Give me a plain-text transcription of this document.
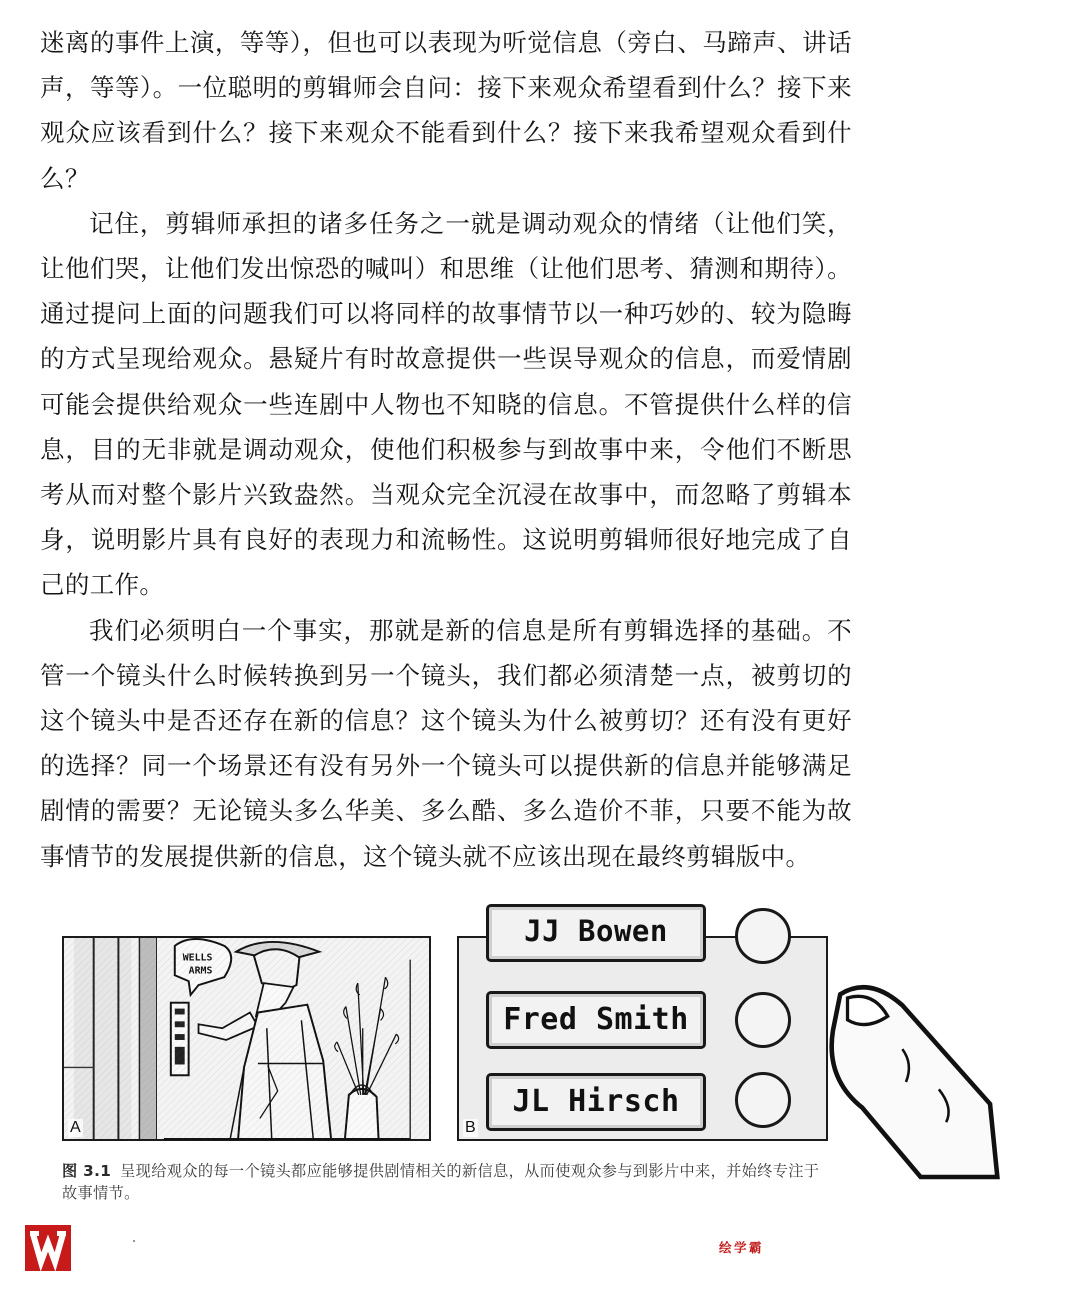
迷离的事件上演，等等），但也可以表现为听觉信息（旁白、马蹄声、讲话声，等等）。一位聪明的剪辑师会自问：接下来观众希望看到什么？接下来观众应该看到什么？接下来观众不能看到什么？接下来我希望观众看到什么？

记住，剪辑师承担的诸多任务之一就是调动观众的情绪（让他们笑，让他们哭，让他们发出惊恐的喊叫）和思维（让他们思考、猜测和期待）。通过提问上面的问题我们可以将同样的故事情节以一种巧妙的、较为隐晦的方式呈现给观众。悬疑片有时故意提供一些误导观众的信息，而爱情剧可能会提供给观众一些连剧中人物也不知晓的信息。不管提供什么样的信息，目的无非就是调动观众，使他们积极参与到故事中来，令他们不断思考从而对整个影片兴致盎然。当观众完全沉浸在故事中，而忽略了剪辑本身，说明影片具有良好的表现力和流畅性。这说明剪辑师很好地完成了自己的工作。

我们必须明白一个事实，那就是新的信息是所有剪辑选择的基础。不管一个镜头什么时候转换到另一个镜头，我们都必须清楚一点，被剪切的这个镜头中是否还存在新的信息？这个镜头为什么被剪切？还有没有更好的选择？同一个场景还有没有另外一个镜头可以提供新的信息并能够满足剧情的需要？无论镜头多么华美、多么酷、多么造价不菲，只要不能为故事情节的发展提供新的信息，这个镜头就不应该出现在最终剪辑版中。

WELLS
ARMS
A
JJ Bowen
Fred Smith
JL Hirsch
B
图 3.1 呈现给观众的每一个镜头都应能够提供剧情相关的新信息，从而使观众参与到影片中来，并始终专注于故事情节。
绘学霸
